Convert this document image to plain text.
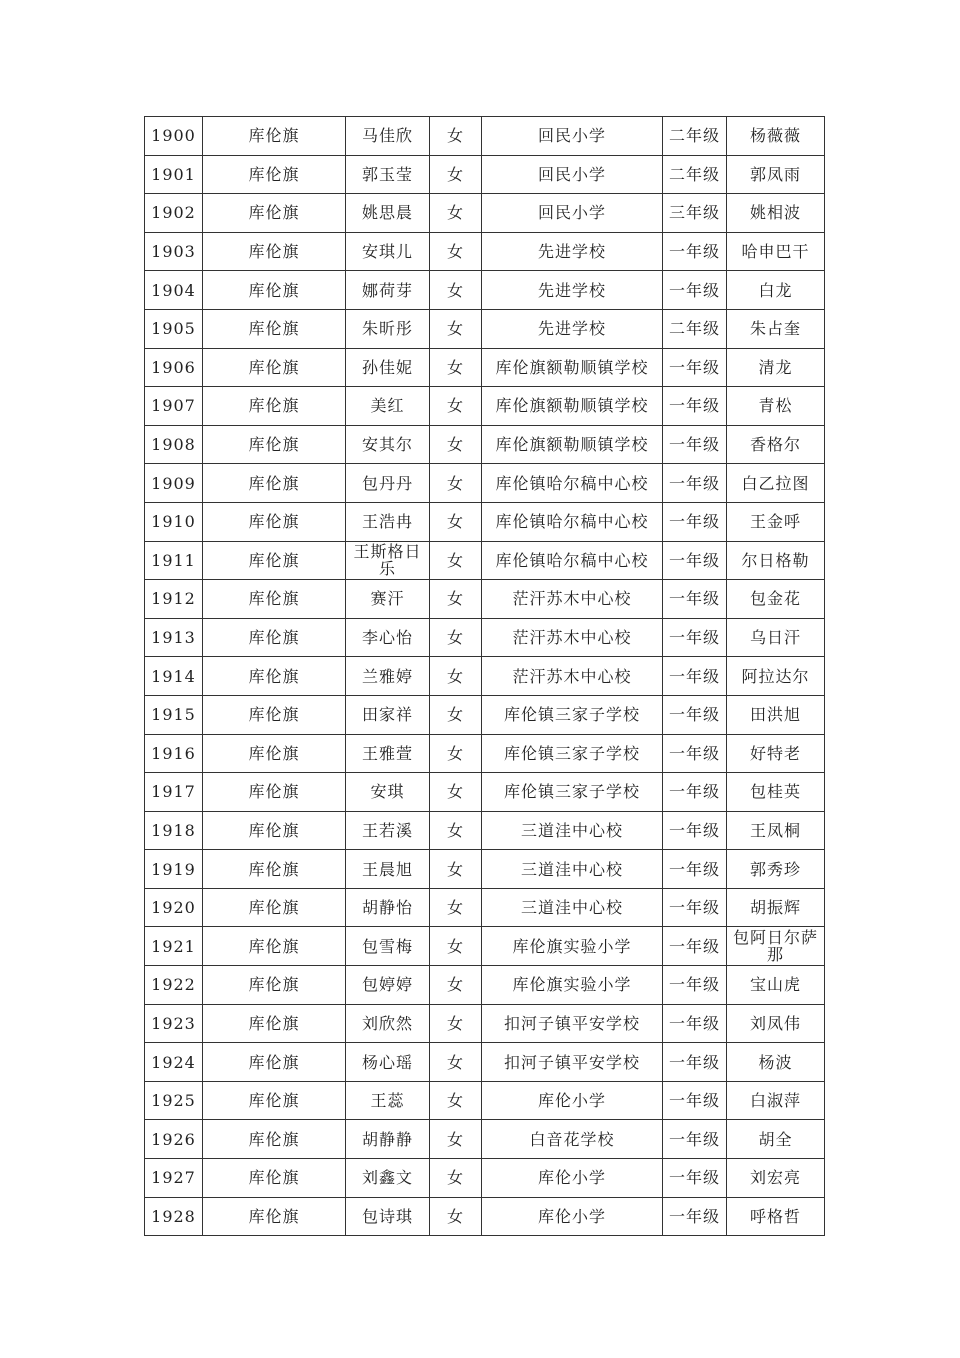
1900	库伦旗	马佳欣	女	回民小学	二年级	杨薇薇
1901	库伦旗	郭玉莹	女	回民小学	二年级	郭凤雨
1902	库伦旗	姚思晨	女	回民小学	三年级	姚相波
1903	库伦旗	安琪儿	女	先进学校	一年级	哈申巴干
1904	库伦旗	娜荷芽	女	先进学校	一年级	白龙
1905	库伦旗	朱昕彤	女	先进学校	二年级	朱占奎
1906	库伦旗	孙佳妮	女	库伦旗额勒顺镇学校	一年级	清龙
1907	库伦旗	美红	女	库伦旗额勒顺镇学校	一年级	青松
1908	库伦旗	安其尔	女	库伦旗额勒顺镇学校	一年级	香格尔
1909	库伦旗	包丹丹	女	库伦镇哈尔稿中心校	一年级	白乙拉图
1910	库伦旗	王浩冉	女	库伦镇哈尔稿中心校	一年级	王金呼
1911	库伦旗	王斯格日乐	女	库伦镇哈尔稿中心校	一年级	尔日格勒
1912	库伦旗	赛汗	女	茫汗苏木中心校	一年级	包金花
1913	库伦旗	李心怡	女	茫汗苏木中心校	一年级	乌日汗
1914	库伦旗	兰雅婷	女	茫汗苏木中心校	一年级	阿拉达尔
1915	库伦旗	田家祥	女	库伦镇三家子学校	一年级	田洪旭
1916	库伦旗	王雅萱	女	库伦镇三家子学校	一年级	好特老
1917	库伦旗	安琪	女	库伦镇三家子学校	一年级	包桂英
1918	库伦旗	王若溪	女	三道洼中心校	一年级	王凤桐
1919	库伦旗	王晨旭	女	三道洼中心校	一年级	郭秀珍
1920	库伦旗	胡静怡	女	三道洼中心校	一年级	胡振辉
1921	库伦旗	包雪梅	女	库伦旗实验小学	一年级	包阿日尔萨那
1922	库伦旗	包婷婷	女	库伦旗实验小学	一年级	宝山虎
1923	库伦旗	刘欣然	女	扣河子镇平安学校	一年级	刘凤伟
1924	库伦旗	杨心瑶	女	扣河子镇平安学校	一年级	杨波
1925	库伦旗	王蕊	女	库伦小学	一年级	白淑萍
1926	库伦旗	胡静静	女	白音花学校	一年级	胡全
1927	库伦旗	刘鑫文	女	库伦小学	一年级	刘宏亮
1928	库伦旗	包诗琪	女	库伦小学	一年级	呼格哲
